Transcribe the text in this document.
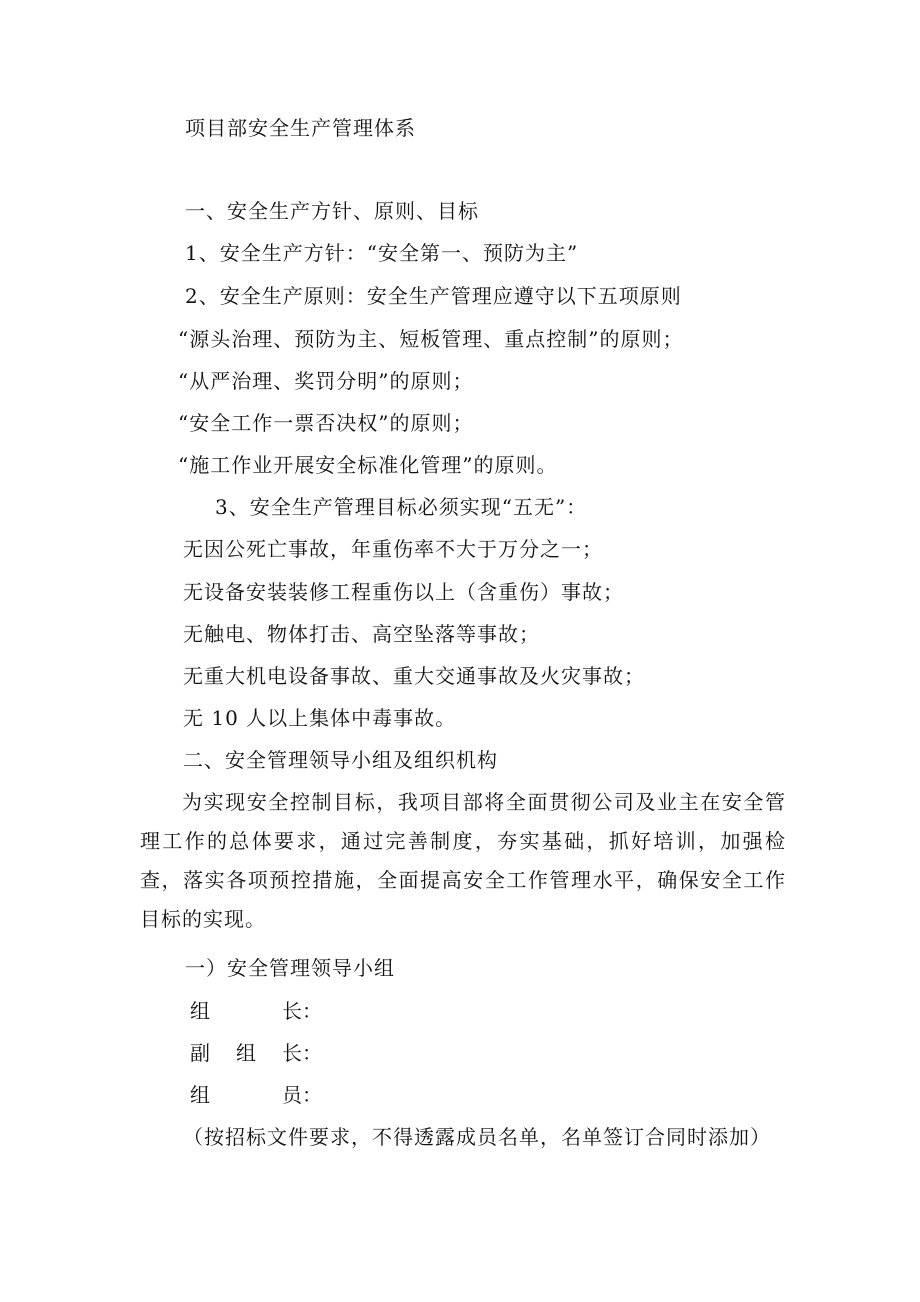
项目部安全生产管理体系
一、安全生产方针、原则、目标
1、安全生产方针：“安全第一、预防为主”
2、安全生产原则：安全生产管理应遵守以下五项原则
“源头治理、预防为主、短板管理、重点控制”的原则；
“从严治理、奖罚分明”的原则；
“安全工作一票否决权”的原则；
“施工作业开展安全标准化管理”的原则。
3、安全生产管理目标必须实现“五无”：
无因公死亡事故，年重伤率不大于万分之一；
无设备安装装修工程重伤以上（含重伤）事故；
无触电、物体打击、高空坠落等事故；
无重大机电设备事故、重大交通事故及火灾事故；
无 10 人以上集体中毒事故。
二、安全管理领导小组及组织机构
为实现安全控制目标，我项目部将全面贯彻公司及业主在安全管理工作的总体要求，通过完善制度，夯实基础，抓好培训，加强检查，落实各项预控措施，全面提高安全工作管理水平，确保安全工作目标的实现。
一）安全管理领导小组
组	长：
副 组 长：
组	员：
（按招标文件要求，不得透露成员名单，名单签订合同时添加）
